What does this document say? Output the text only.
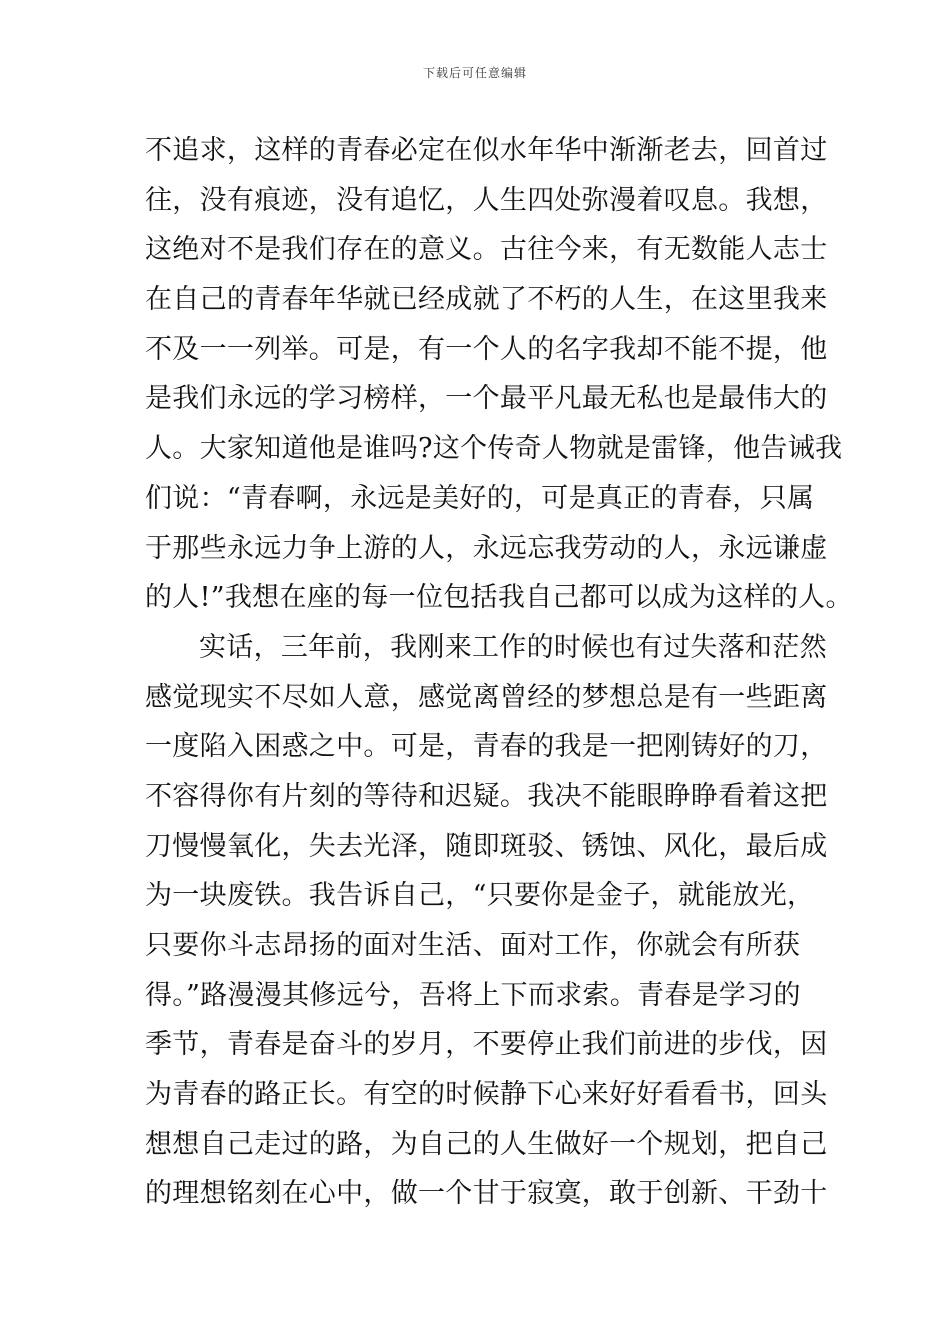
下载后可任意编辑
不追求，这样的青春必定在似水年华中渐渐老去，回首过
往，没有痕迹，没有追忆，人生四处弥漫着叹息。我想，
这绝对不是我们存在的意义。古往今来，有无数能人志士
在自己的青春年华就已经成就了不朽的人生，在这里我来
不及一一列举。可是，有一个人的名字我却不能不提，他
是我们永远的学习榜样，一个最平凡最无私也是最伟大的
人。大家知道他是谁吗?这个传奇人物就是雷锋，他告诫我
们说：“青春啊，永远是美好的，可是真正的青春，只属
于那些永远力争上游的人，永远忘我劳动的人，永远谦虚
的人!”我想在座的每一位包括我自己都可以成为这样的人。
实话，三年前，我刚来工作的时候也有过失落和茫然
感觉现实不尽如人意，感觉离曾经的梦想总是有一些距离
一度陷入困惑之中。可是，青春的我是一把刚铸好的刀，
不容得你有片刻的等待和迟疑。我决不能眼睁睁看着这把
刀慢慢氧化，失去光泽，随即斑驳、锈蚀、风化，最后成
为一块废铁。我告诉自己，“只要你是金子，就能放光，
只要你斗志昂扬的面对生活、面对工作，你就会有所获
得。”路漫漫其修远兮，吾将上下而求索。青春是学习的
季节，青春是奋斗的岁月，不要停止我们前进的步伐，因
为青春的路正长。有空的时候静下心来好好看看书，回头
想想自己走过的路，为自己的人生做好一个规划，把自己
的理想铭刻在心中，做一个甘于寂寞，敢于创新、干劲十
